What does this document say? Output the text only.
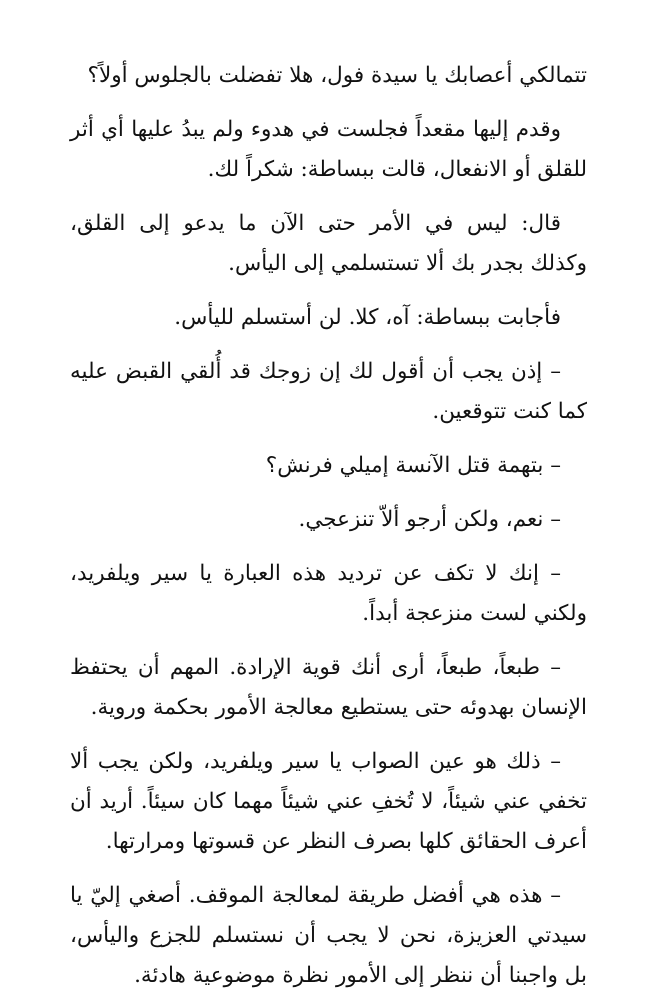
تتمالكي أعصابك يا سيدة فول، هلا تفضلت بالجلوس أولاً؟

وقدم إليها مقعداً فجلست في هدوء ولم يبدُ عليها أي أثر للقلق أو الانفعال، قالت ببساطة: شكراً لك.

قال: ليس في الأمر حتى الآن ما يدعو إلى القلق، وكذلك بجدر بك ألا تستسلمي إلى اليأس.

فأجابت ببساطة: آه، كلا. لن أستسلم لليأس.

– إذن يجب أن أقول لك إن زوجك قد أُلقي القبض عليه كما كنت تتوقعين.

– بتهمة قتل الآنسة إميلي فرنش؟

– نعم، ولكن أرجو ألاّ تنزعجي.

– إنك لا تكف عن ترديد هذه العبارة يا سير ويلفريد، ولكني لست منزعجة أبداً.

– طبعاً، طبعاً، أرى أنك قوية الإرادة. المهم أن يحتفظ الإنسان بهدوئه حتى يستطيع معالجة الأمور بحكمة وروية.

– ذلك هو عين الصواب يا سير ويلفريد، ولكن يجب ألا تخفي عني شيئاً، لا تُخفِ عني شيئاً مهما كان سيئاً. أريد أن أعرف الحقائق كلها بصرف النظر عن قسوتها ومرارتها.

– هذه هي أفضل طريقة لمعالجة الموقف. أصغي إليّ يا سيدتي العزيزة، نحن لا يجب أن نستسلم للجزع واليأس، بل واجبنا أن ننظر إلى الأمور نظرة موضوعية هادئة.
